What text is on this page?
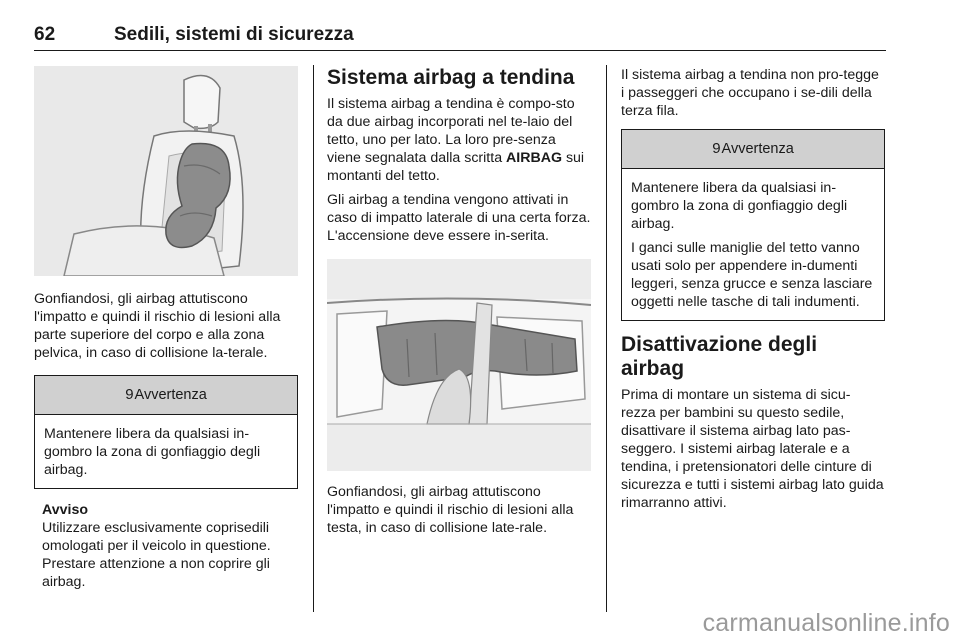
62	Sedili, sistemi di sicurezza

Gonfiandosi, gli airbag attutiscono l'impatto e quindi il rischio di lesioni alla parte superiore del corpo e alla zona pelvica, in caso di collisione la-terale.

9Avvertenza

Mantenere libera da qualsiasi in-gombro la zona di gonfiaggio degli airbag.

Avviso

Utilizzare esclusivamente coprisedili omologati per il veicolo in questione. Prestare attenzione a non coprire gli airbag.

Sistema airbag a tendina

Il sistema airbag a tendina è compo-sto da due airbag incorporati nel te-laio del tetto, uno per lato. La loro pre-senza viene segnalata dalla scritta AIRBAG sui montanti del tetto.

Gli airbag a tendina vengono attivati in caso di impatto laterale di una certa forza. L'accensione deve essere in-serita.

Gonfiandosi, gli airbag attutiscono l'impatto e quindi il rischio di lesioni alla testa, in caso di collisione late-rale.

Il sistema airbag a tendina non pro-tegge i passeggeri che occupano i se-dili della terza fila.

9Avvertenza

Mantenere libera da qualsiasi in-gombro la zona di gonfiaggio degli airbag.

I ganci sulle maniglie del tetto vanno usati solo per appendere in-dumenti leggeri, senza grucce e senza lasciare oggetti nelle tasche di tali indumenti.

Disattivazione degli airbag

Prima di montare un sistema di sicu-rezza per bambini su questo sedile, disattivare il sistema airbag lato pas-seggero. I sistemi airbag laterale e a tendina, i pretensionatori delle cinture di sicurezza e tutti i sistemi airbag lato guida rimarranno attivi.

carmanualsonline.info
